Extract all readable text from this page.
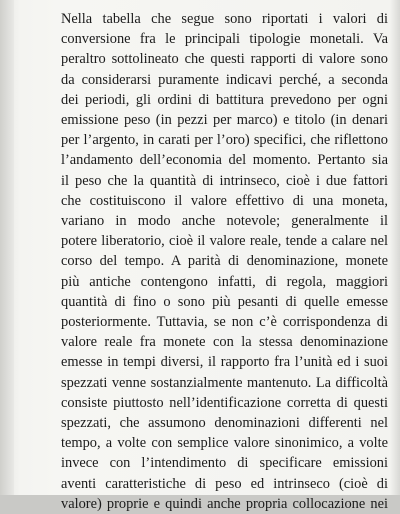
Nella tabella che segue sono riportati i valori di
conversione fra le principali tipologie monetali. Va
peraltro sottolineato che questi rapporti di valore sono
da considerarsi puramente indicavi perché, a seconda
dei periodi, gli ordini di battitura prevedono per ogni
emissione peso (in pezzi per marco) e titolo (in denari
per l’argento, in carati per l’oro) specifici, che riflettono
l’andamento dell’economia del momento. Pertanto sia
il peso che la quantità di intrinseco, cioè i due fattori
che costituiscono il valore effettivo di una moneta,
variano in modo anche notevole; generalmente il
potere liberatorio, cioè il valore reale, tende a calare nel
corso del tempo. A parità di denominazione, monete
più antiche contengono infatti, di regola, maggiori
quantità di fino o sono più pesanti di quelle emesse
posteriormente. Tuttavia, se non c’è corrispondenza di
valore reale fra monete con la stessa denominazione
emesse in tempi diversi, il rapporto fra l’unità ed i suoi
spezzati venne sostanzialmente mantenuto. La difficoltà
consiste piuttosto nell’identificazione corretta di questi
spezzati, che assumono denominazioni differenti nel
tempo, a volte con semplice valore sinonimico, a volte
invece con l’intendimento di specificare emissioni
aventi caratteristiche di peso ed intrinseco (cioè di
valore) proprie e quindi anche propria collocazione nei
